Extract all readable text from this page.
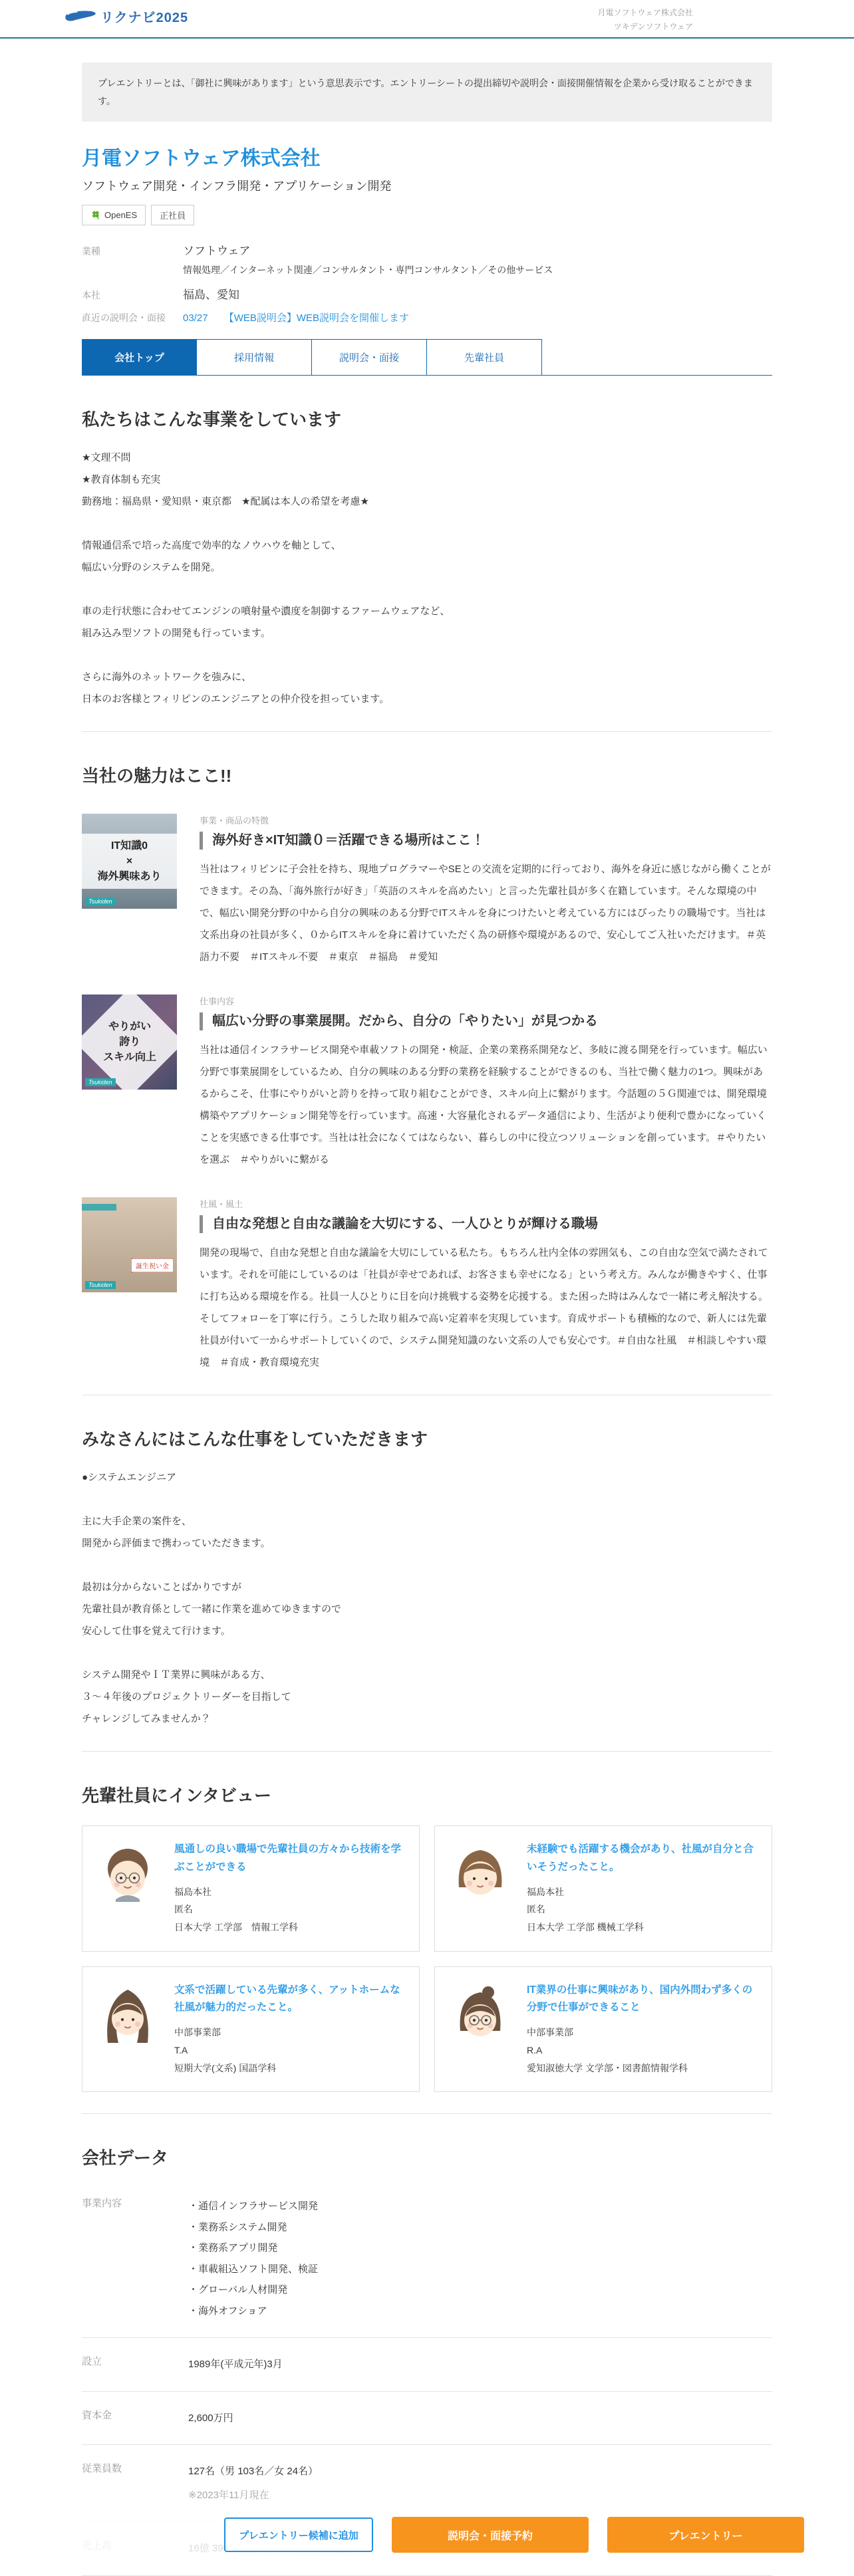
リクナビ2025	月電ソフトウェア株式会社
ツキデンソフトウェア
プレエントリーとは、「御社に興味があります」という意思表示です。エントリーシートの提出締切や説明会・面接開催情報を企業から受け取ることができます。
月電ソフトウェア株式会社
ソフトウェア開発・インフラ開発・アプリケーション開発
OpenES	正社員
業種	ソフトウェア
情報処理／インターネット関連／コンサルタント・専門コンサルタント／その他サービス
本社	福島、愛知
直近の説明会・面接	03/27 【WEB説明会】WEB説明会を開催します
会社トップ	採用情報	説明会・面接	先輩社員
私たちはこんな事業をしています
★文理不問
★教育体制も充実
勤務地：福島県・愛知県・東京都　★配属は本人の希望を考慮★
情報通信系で培った高度で効率的なノウハウを軸として、
幅広い分野のシステムを開発。
車の走行状態に合わせてエンジンの噴射量や濃度を制御するファームウェアなど、
組み込み型ソフトの開発も行っています。
さらに海外のネットワークを強みに、
日本のお客様とフィリピンのエンジニアとの仲介役を担っています。
当社の魅力はここ!!
IT知識0
×
海外興味あり
Tsukiden
事業・商品の特徴
海外好き×IT知識０＝活躍できる場所はここ！
当社はフィリピンに子会社を持ち、現地プログラマーやSEとの交流を定期的に行っており、海外を身近に感じながら働くことができます。その為、「海外旅行が好き」「英語のスキルを高めたい」と言った先輩社員が多く在籍しています。そんな環境の中で、幅広い開発分野の中から自分の興味のある分野でITスキルを身につけたいと考えている方にはぴったりの職場です。当社は文系出身の社員が多く、０からITスキルを身に着けていただく為の研修や環境があるので、安心してご入社いただけます。＃英語力不要　＃ITスキル不要　＃東京　＃福島　＃愛知
やりがい
誇り
スキル向上
Tsukiden
仕事内容
幅広い分野の事業展開。だから、自分の「やりたい」が見つかる
当社は通信インフラサービス開発や車載ソフトの開発・検証、企業の業務系開発など、多岐に渡る開発を行っています。幅広い分野で事業展開をしているため、自分の興味のある分野の業務を経験することができるのも、当社で働く魅力の1つ。興味があるからこそ、仕事にやりがいと誇りを持って取り組むことができ、スキル向上に繋がります。今話題の５Ｇ関連では、開発環境構築やアプリケーション開発等を行っています。高速・大容量化されるデータ通信により、生活がより便利で豊かになっていくことを実感できる仕事です。当社は社会になくてはならない、暮らしの中に役立つソリューションを創っています。＃やりたいを選ぶ　＃やりがいに繋がる
誕生祝い金
Tsukiden
社風・風土
自由な発想と自由な議論を大切にする、一人ひとりが輝ける職場
開発の現場で、自由な発想と自由な議論を大切にしている私たち。もちろん社内全体の雰囲気も、この自由な空気で満たされています。それを可能にしているのは「社員が幸せであれば、お客さまも幸せになる」という考え方。みんなが働きやすく、仕事に打ち込める環境を作る。社員一人ひとりに目を向け挑戦する姿勢を応援する。また困った時はみんなで一緒に考え解決する。そしてフォローを丁寧に行う。こうした取り組みで高い定着率を実現しています。育成サポートも積極的なので、新人には先輩社員が付いて一からサポートしていくので、システム開発知識のない文系の人でも安心です。＃自由な社風　＃相談しやすい環境　＃育成・教育環境充実
みなさんにはこんな仕事をしていただきます
●システムエンジニア
主に大手企業の案件を、
開発から評価まで携わっていただきます。
最初は分からないことばかりですが
先輩社員が教育係として一緒に作業を進めてゆきますので
安心して仕事を覚えて行けます。
システム開発やＩＴ業界に興味がある方、
３～４年後のプロジェクトリーダーを目指して
チャレンジしてみませんか？
先輩社員にインタビュー
風通しの良い職場で先輩社員の方々から技術を学ぶことができる
福島本社
匿名
日本大学 工学部　情報工学科
未経験でも活躍する機会があり、社風が自分と合いそうだったこと。
福島本社
匿名
日本大学 工学部 機械工学科
文系で活躍している先輩が多く、アットホームな社風が魅力的だったこと。
中部事業部
T.A
短期大学(文系) 国語学科
IT業界の仕事に興味があり、国内外問わず多くの分野で仕事ができること
中部事業部
R.A
愛知淑徳大学 文学部・図書館情報学科
会社データ
事業内容	・通信インフラサービス開発
・業務系システム開発
・業務系アプリ開発
・車載組込ソフト開発、検証
・グローバル人材開発
・海外オフショア
設立	1989年(平成元年)3月
資本金	2,600万円
従業員数	127名（男 103名／女 24名）
※2023年11月現在
プレエントリー候補に追加	説明会・面接予約	プレエントリー
